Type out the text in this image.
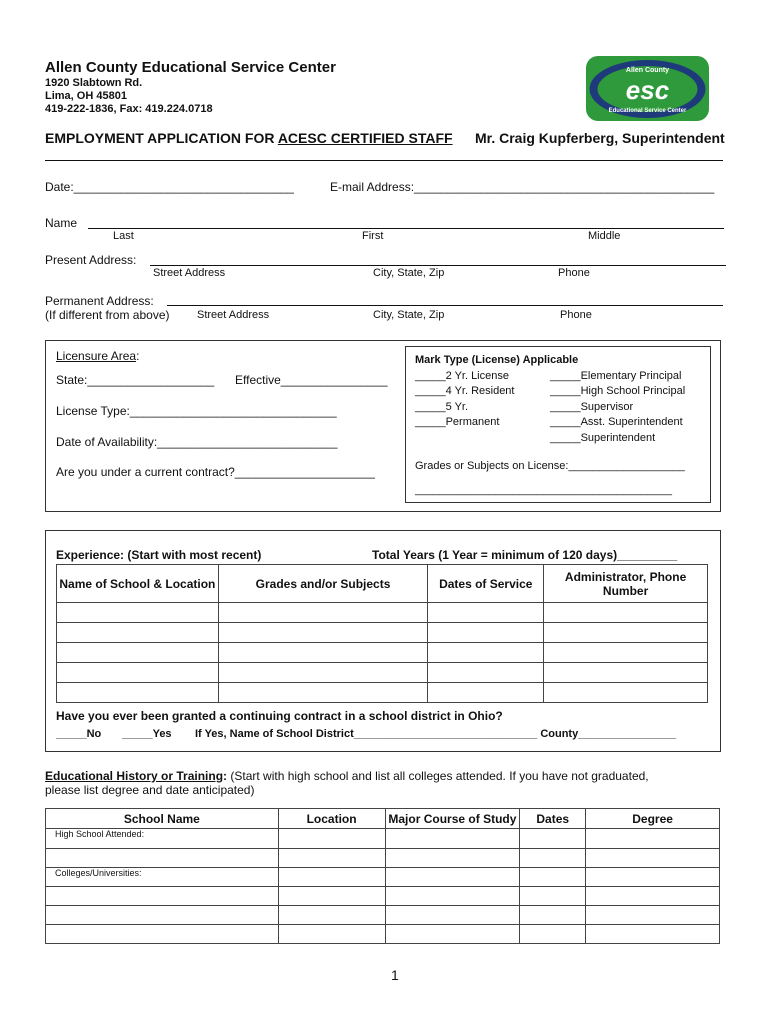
Allen County Educational Service Center
1920 Slabtown Rd.
Lima, OH 45801
419-222-1836, Fax: 419.224.0718
Allen County
esc
Educational Service Center
EMPLOYMENT APPLICATION FOR ACESC CERTIFIED STAFF Mr. Craig Kupferberg, Superintendent
Date:_________________________________	E-mail Address:_____________________________________________
Name
Last	First	Middle
Present Address:
Street Address	City, State, Zip	Phone
Permanent Address:
(If different from above)	Street Address	City, State, Zip	Phone
Licensure Area:
State:___________________ Effective________________
License Type:_______________________________
Date of Availability:___________________________
Are you under a current contract?_____________________
Mark Type (License) Applicable
_____2 Yr. License
_____4 Yr. Resident
_____5 Yr.
_____Permanent
_____Elementary Principal
_____High School Principal
_____Supervisor
_____Asst. Superintendent
_____Superintendent
Grades or Subjects on License:___________________
__________________________________________
Experience: (Start with most recent)	Total Years (1 Year = minimum of 120 days)_________
Name of School & Location	Grades and/or Subjects	Dates of Service	Administrator, Phone Number

Have you ever been granted a continuing contract in a school district in Ohio?
_____No _____Yes If Yes, Name of School District______________________________ County________________
Educational History or Training: (Start with high school and list all colleges attended. If you have not graduated,
please list degree and date anticipated)
School Name	Location	Major Course of Study	Dates	Degree
High School Attended:				

Colleges/Universities:				

1
